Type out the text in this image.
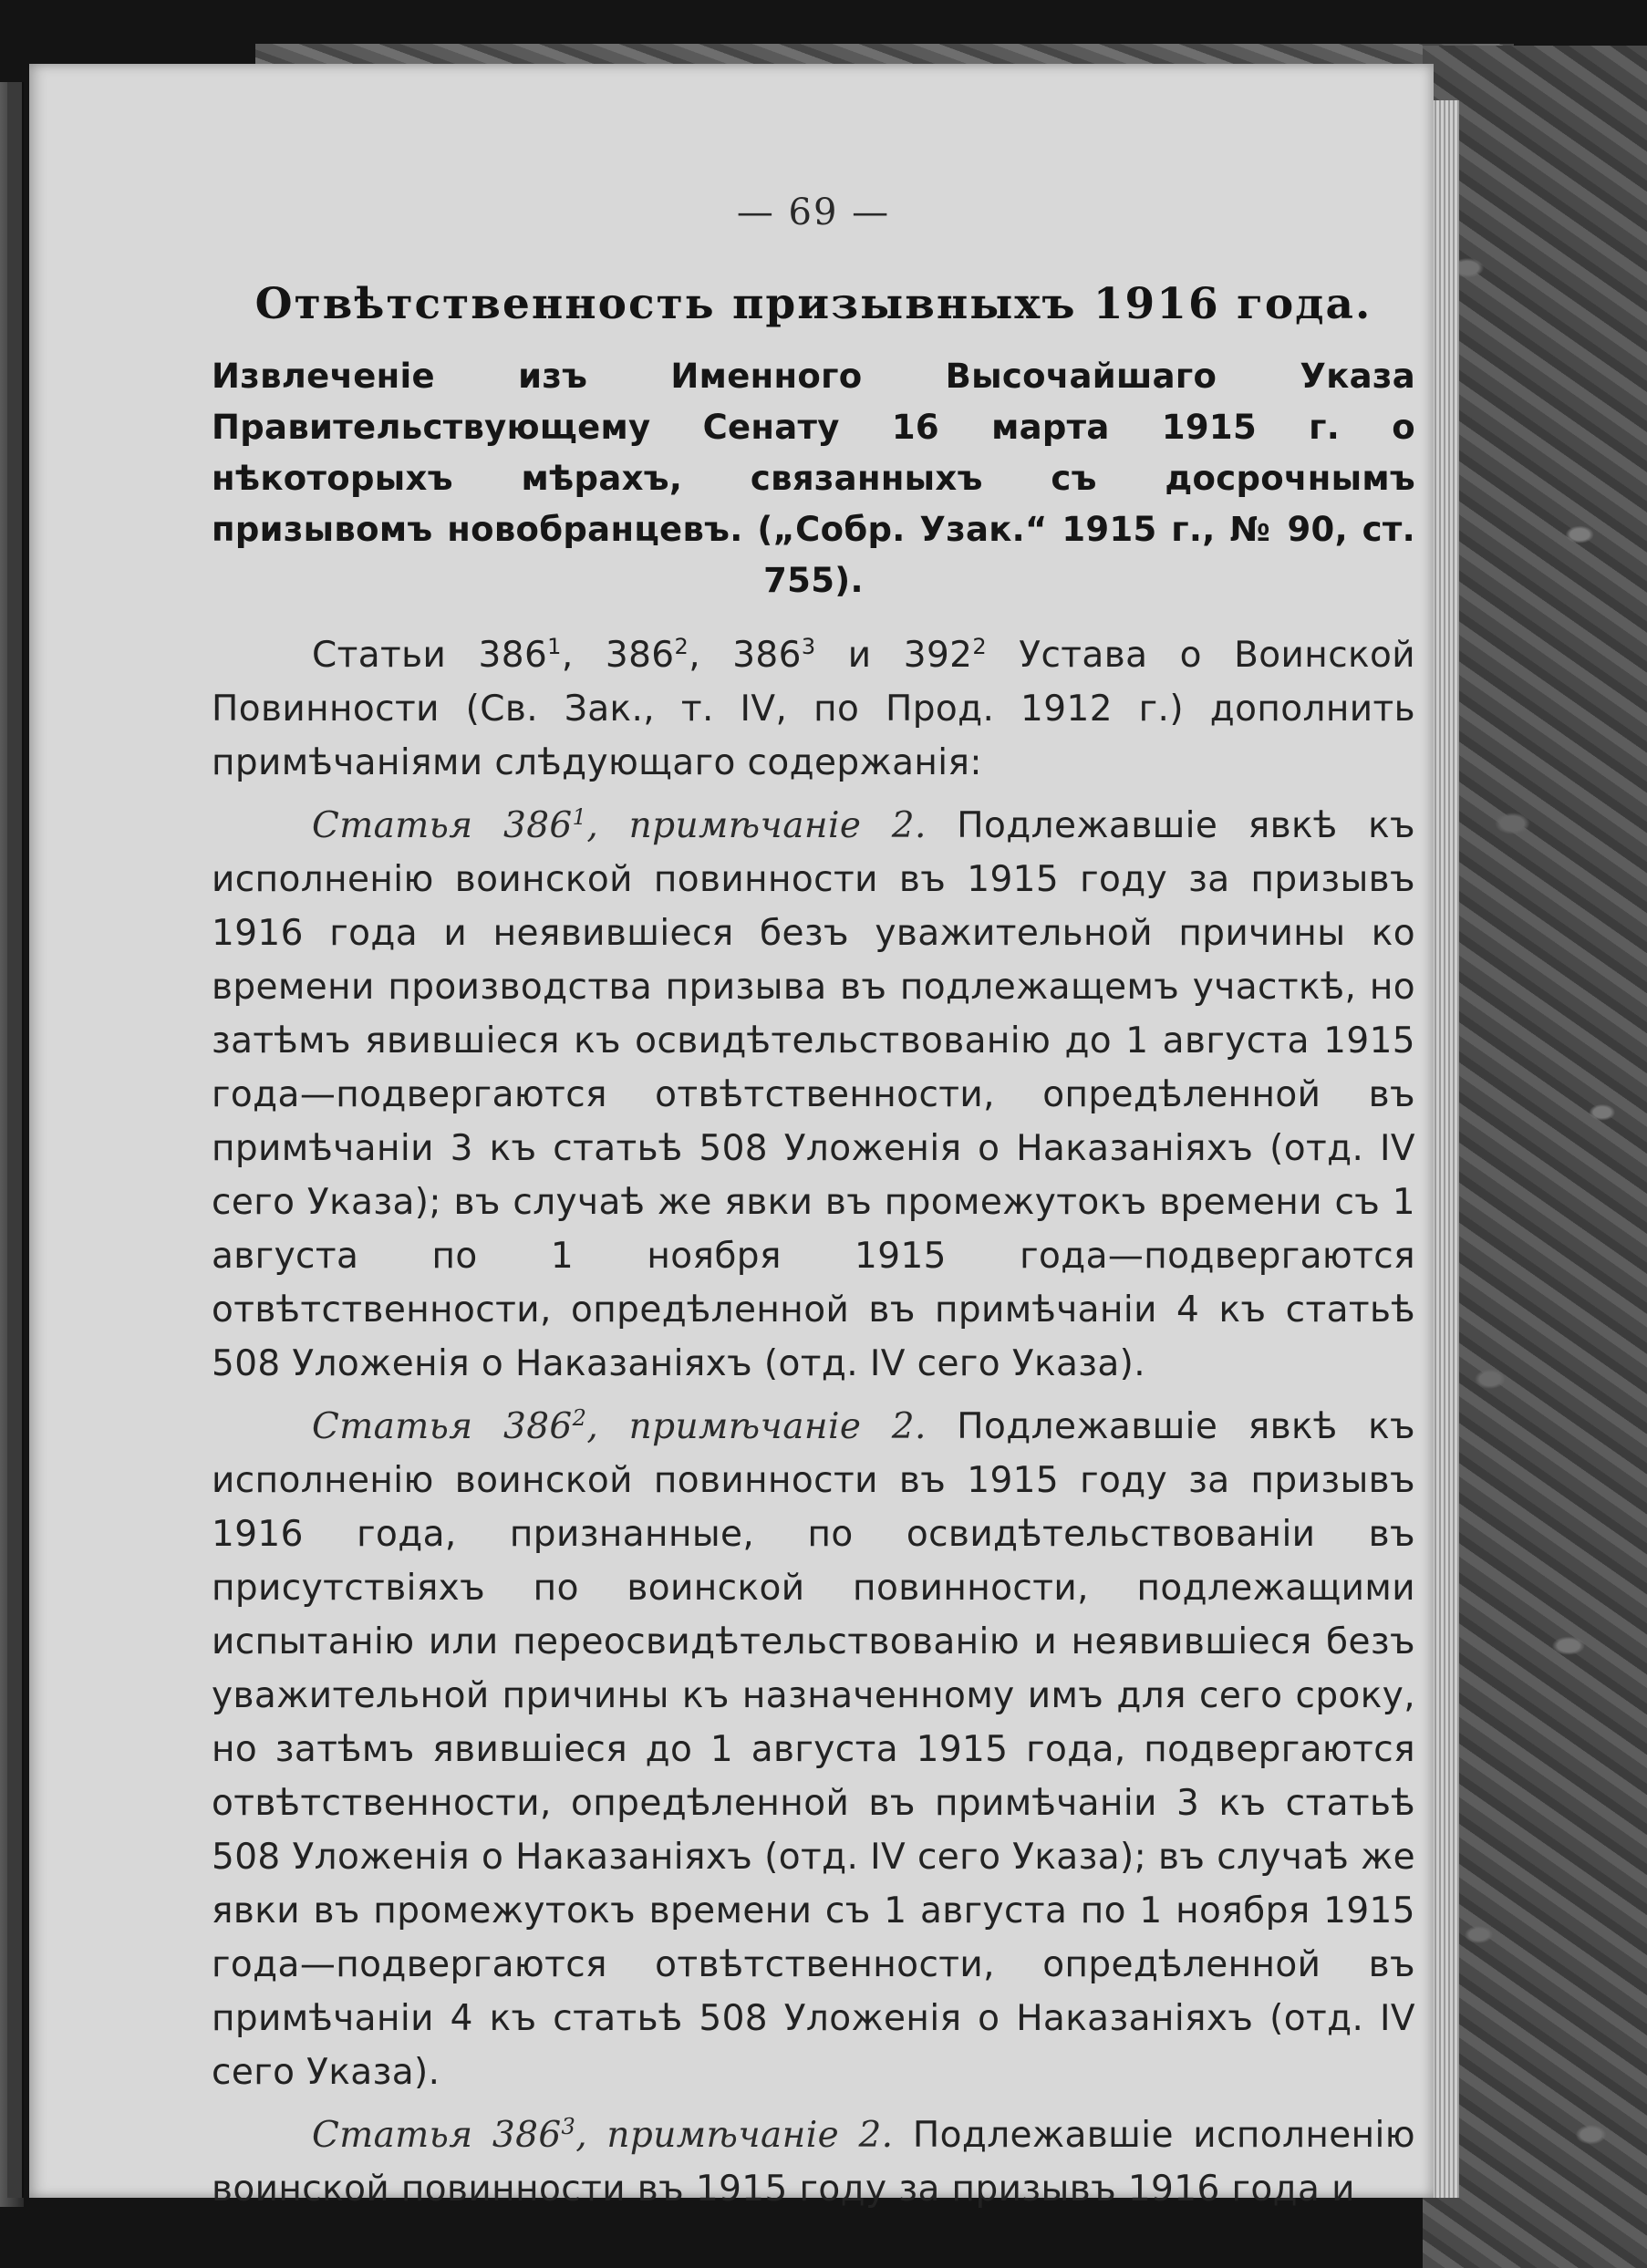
— 69 —
Отвѣтственность призывныхъ 1916 года.
Извлеченіе изъ Именного Высочайшаго Указа Правительствующему Сенату 16 марта 1915 г. о нѣкоторыхъ мѣрахъ, связанныхъ съ досрочнымъ призывомъ новобранцевъ. („Собр. Узак.“ 1915 г., № 90, ст. 755).

Статьи $386^1$, $386^2$, $386^3$ и $392^2$ Устава о Воинской Повинности (Св. Зак., т. IV, по Прод. 1912 г.) дополнить примѣчаніями слѣдующаго содержанія:

Статья $386^1$, примѣчаніе 2. Подлежавшіе явкѣ къ исполненію воинской повинности въ 1915 году за призывъ 1916 года и неявившіеся безъ уважительной причины ко времени производства призыва въ подлежащемъ участкѣ, но затѣмъ явившіеся къ освидѣтельствованію до 1 августа 1915 года—подвергаются отвѣтственности, опредѣленной въ примѣчаніи 3 къ статьѣ 508 Уложенія о Наказаніяхъ (отд. IV сего Указа); въ случаѣ же явки въ промежутокъ времени съ 1 августа по 1 ноября 1915 года—подвергаются отвѣтственности, опредѣленной въ примѣчаніи 4 къ статьѣ 508 Уложенія о Наказаніяхъ (отд. IV сего Указа).

Статья $386^2$, примѣчаніе 2. Подлежавшіе явкѣ къ исполненію воинской повинности въ 1915 году за призывъ 1916 года, признанные, по освидѣтельствованіи въ присутствіяхъ по воинской повинности, подлежащими испытанію или переосвидѣтельствованію и неявившіеся безъ уважительной причины къ назначенному имъ для сего сроку, но затѣмъ явившіеся до 1 августа 1915 года, подвергаются отвѣтственности, опредѣленной въ примѣчаніи 3 къ статьѣ 508 Уложенія о Наказаніяхъ (отд. IV сего Указа); въ случаѣ же явки въ промежутокъ времени съ 1 августа по 1 ноября 1915 года—подвергаются отвѣтственности, опредѣленной въ примѣчаніи 4 къ статьѣ 508 Уложенія о Наказаніяхъ (отд. IV сего Указа).

Статья $386^3$, примѣчаніе 2. Подлежавшіе исполненію воинской повинности въ 1915 году за призывъ 1916 года и
